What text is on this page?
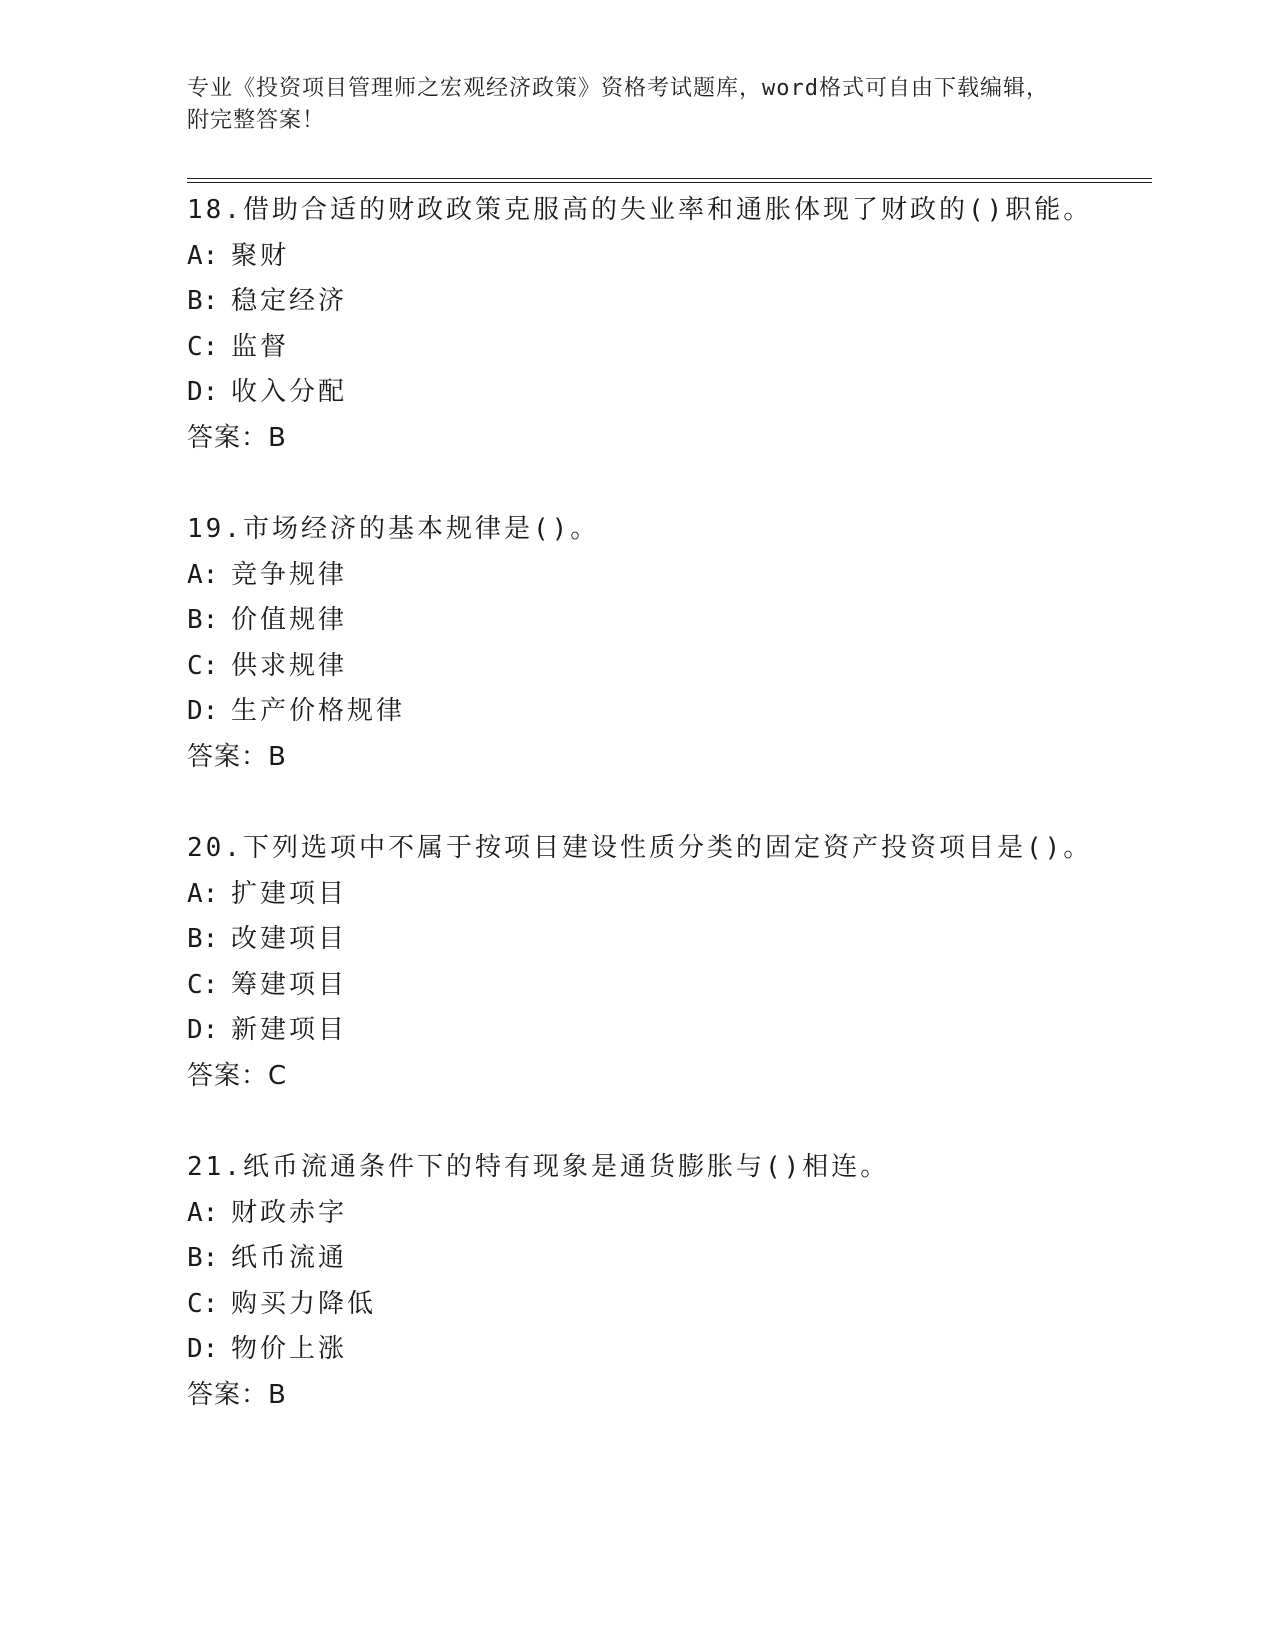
专业《投资项目管理师之宏观经济政策》资格考试题库，word格式可自由下载编辑，附完整答案！
18.借助合适的财政政策克服高的失业率和通胀体现了财政的()职能。
A: 聚财
B: 稳定经济
C: 监督
D: 收入分配
答案：B
19.市场经济的基本规律是()。
A: 竞争规律
B: 价值规律
C: 供求规律
D: 生产价格规律
答案：B
20.下列选项中不属于按项目建设性质分类的固定资产投资项目是()。
A: 扩建项目
B: 改建项目
C: 筹建项目
D: 新建项目
答案：C
21.纸币流通条件下的特有现象是通货膨胀与()相连。
A: 财政赤字
B: 纸币流通
C: 购买力降低
D: 物价上涨
答案：B
